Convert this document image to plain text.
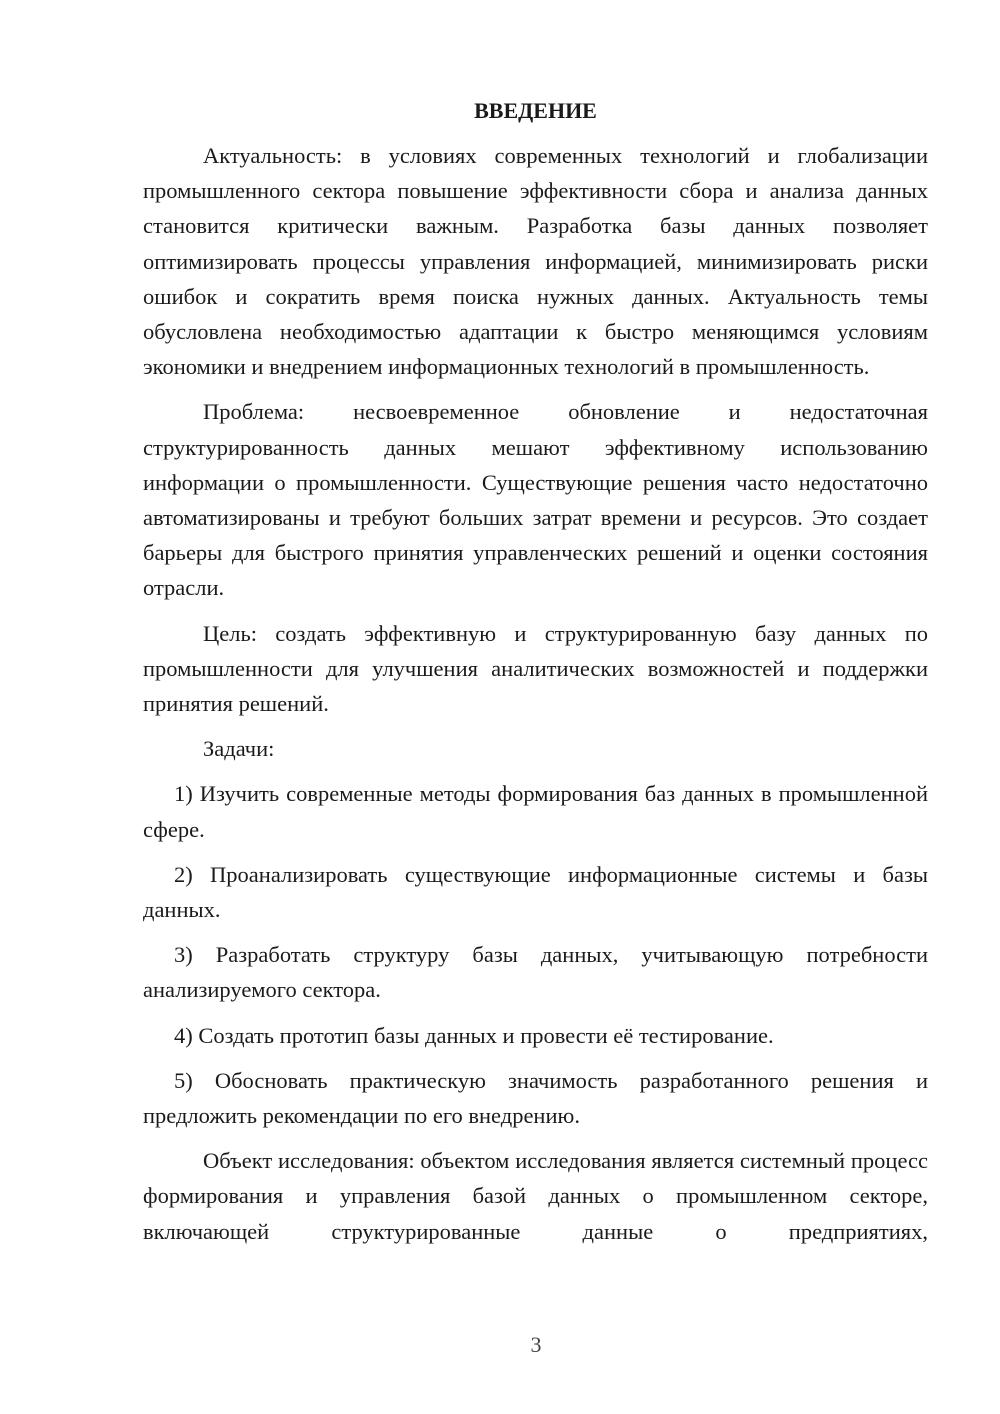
ВВЕДЕНИЕ

Актуальность: в условиях современных технологий и глобализации промышленного сектора повышение эффективности сбора и анализа данных становится критически важным. Разработка базы данных позволяет оптимизировать процессы управления информацией, минимизировать риски ошибок и сократить время поиска нужных данных. Актуальность темы обусловлена необходимостью адаптации к быстро меняющимся условиям экономики и внедрением информационных технологий в промышленность.

Проблема: несвоевременное обновление и недостаточная структурированность данных мешают эффективному использованию информации о промышленности. Существующие решения часто недостаточно автоматизированы и требуют больших затрат времени и ресурсов. Это создает барьеры для быстрого принятия управленческих решений и оценки состояния отрасли.

Цель: создать эффективную и структурированную базу данных по промышленности для улучшения аналитических возможностей и поддержки принятия решений.

Задачи:

1) Изучить современные методы формирования баз данных в промышленной сфере.

2) Проанализировать существующие информационные системы и базы данных.

3) Разработать структуру базы данных, учитывающую потребности анализируемого сектора.

4) Создать прототип базы данных и провести её тестирование.

5) Обосновать практическую значимость разработанного решения и предложить рекомендации по его внедрению.

Объект исследования: объектом исследования является системный процесс формирования и управления базой данных о промышленном секторе, включающей структурированные данные о предприятиях,

3
